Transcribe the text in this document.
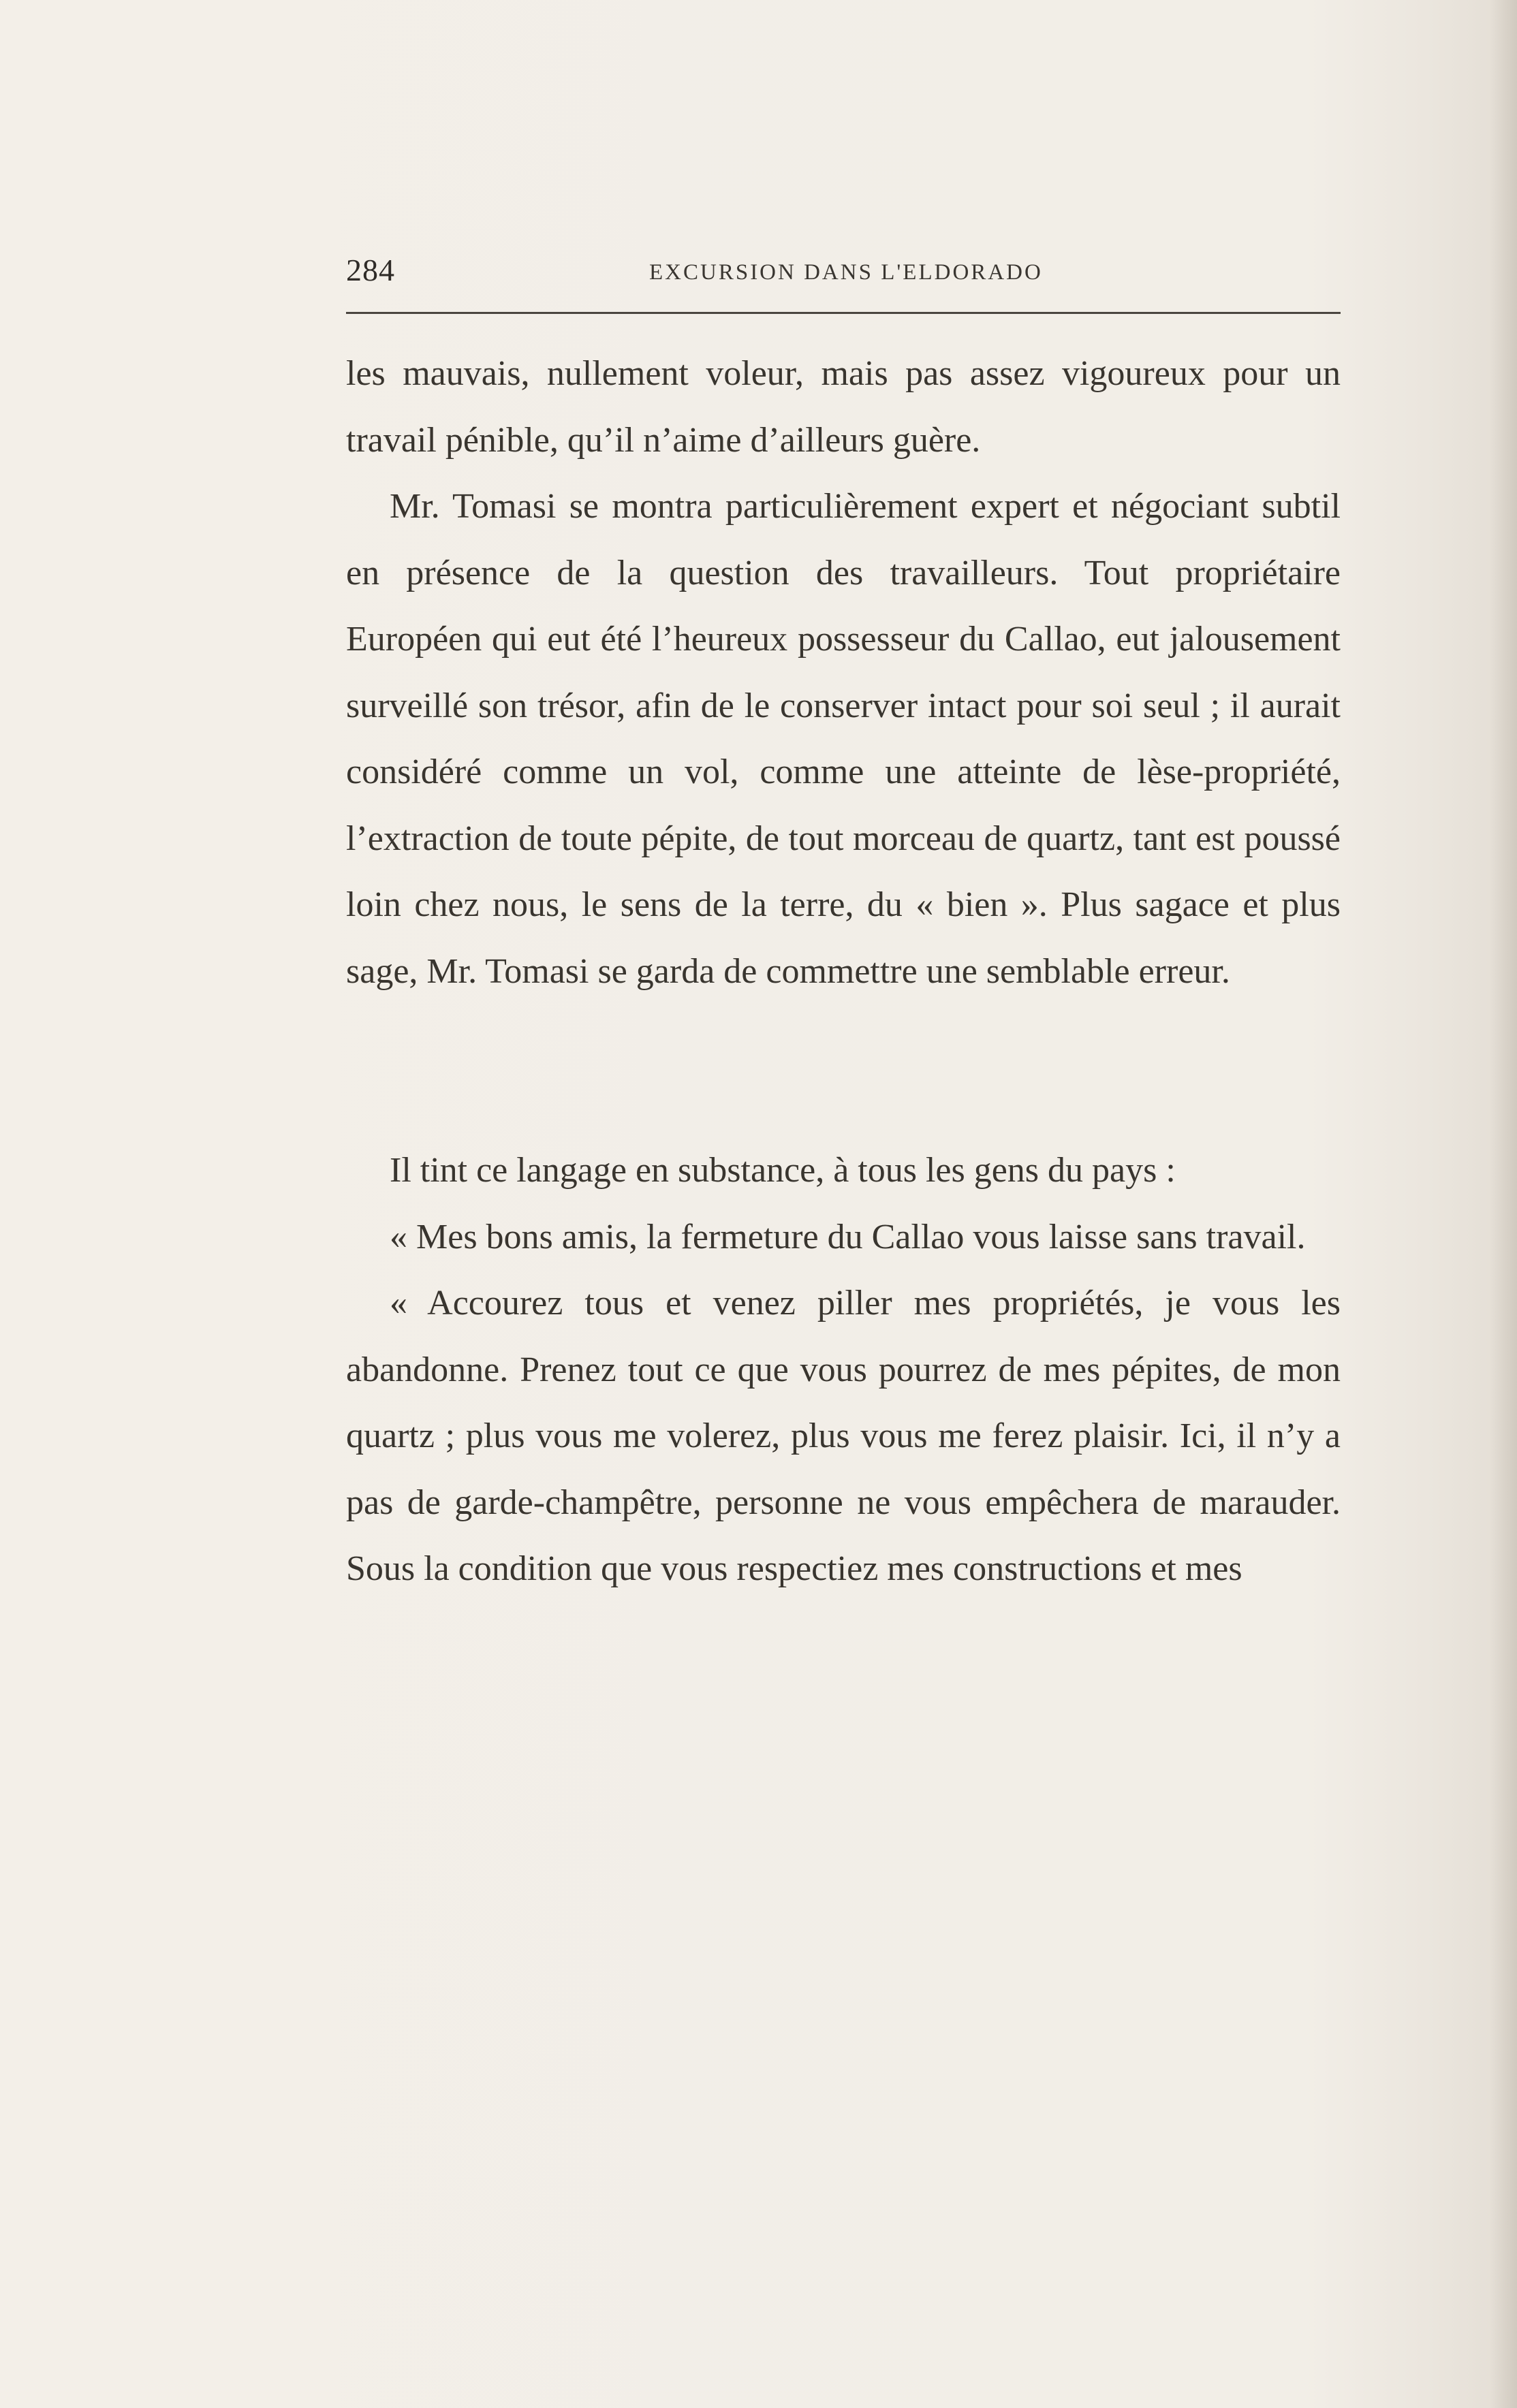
284	EXCURSION DANS L'ELDORADO

les mauvais, nullement voleur, mais pas assez vigoureux pour un travail pénible, qu’il n’aime d’ailleurs guère.

Mr. Tomasi se montra particulièrement expert et négociant subtil en présence de la question des travailleurs. Tout propriétaire Européen qui eut été l’heureux possesseur du Callao, eut jalousement surveillé son trésor, afin de le conserver intact pour soi seul ; il aurait considéré comme un vol, comme une atteinte de lèse-propriété, l’extraction de toute pépite, de tout morceau de quartz, tant est poussé loin chez nous, le sens de la terre, du « bien ». Plus sagace et plus sage, Mr. Tomasi se garda de commettre une semblable erreur.

Il tint ce langage en substance, à tous les gens du pays :

« Mes bons amis, la fermeture du Callao vous laisse sans travail.

« Accourez tous et venez piller mes propriétés, je vous les abandonne. Prenez tout ce que vous pourrez de mes pépites, de mon quartz ; plus vous me volerez, plus vous me ferez plaisir. Ici, il n’y a pas de garde-champêtre, personne ne vous empêchera de marauder. Sous la condition que vous respectiez mes constructions et mes
